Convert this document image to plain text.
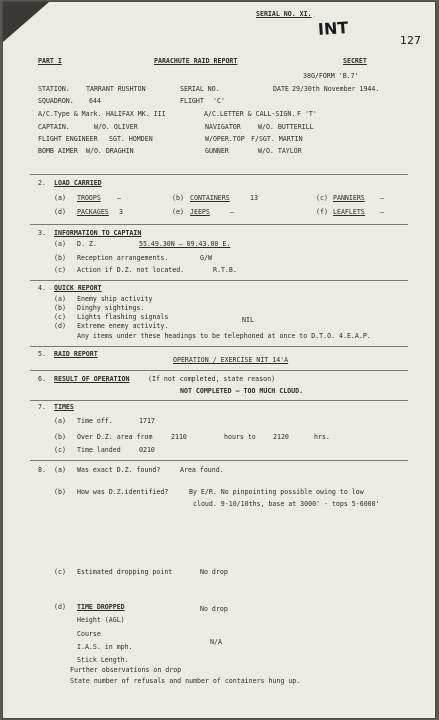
SERIAL NO. XI.
INT
127
PART I	PARACHUTE RAID REPORT	SECRET
38G/FORM 'B.7'
STATION. TARRANT RUSHTON	SERIAL NO.	DATE 29/30th November 1944.
SQUADRON. 644	FLIGHT 'C'
A/C.Type & Mark. HALIFAX MK. III	A/C.LETTER & CALL-SIGN. F 'T'
CAPTAIN.	W/O. OLIVER	NAVIGATOR	W/O. BUTTERILL
FLIGHT ENGINEER SGT. HOMDEN	W/OPER.TOP F/SGT. MARTIN
BOMB AIMER W/O. DRAGHIN	GUNNER	W/O. TAYLOR
2. LOAD CARRIED
(a) TROOPS —	(b) CONTAINERS	13	(c) PANNIERS —
(d) PACKAGES 3	(e) JEEPS	—	(f) LEAFLETS —
3. INFORMATION TO CAPTAIN
(a) D. Z.	55.49.30N — 09.43.00 E.
(b) Reception arrangements.	G/W
(c) Action if D.Z. not located.	R.T.B.
4. QUICK REPORT
(a) Enemy ship activity
(b) Dinghy sightings.
(c) Lights flashing signals	NIL
(d) Extreme enemy activity.
Any items under these headings to be telephoned at once to D.T.O. 4.E.A.P.
5. RAID REPORT
OPERATION / EXERCISE NIT 14'A
6. RESULT OF OPERATION	(If not completed, state reason)
NOT COMPLETED — TOO MUCH CLOUD.
7. TIMES
(a) Time off.	1717
(b) Over D.Z. area from	2110	hours to	2120	hrs.
(c) Time landed	0210
8. (a) Was exact D.Z. found?	Area found.
(b) How was D.Z.identified?	By E/R. No pinpointing possible owing to low
cloud. 9-10/10ths, base at 3000' - tops 5-6000'
(c) Estimated dropping point	No drop
(d) TIME DROPPED	No drop
Height (AGL)
Course
I.A.S. in mph.
N/A
Stick Length.
Further observations on drop
State number of refusals and number of containers hung up.
